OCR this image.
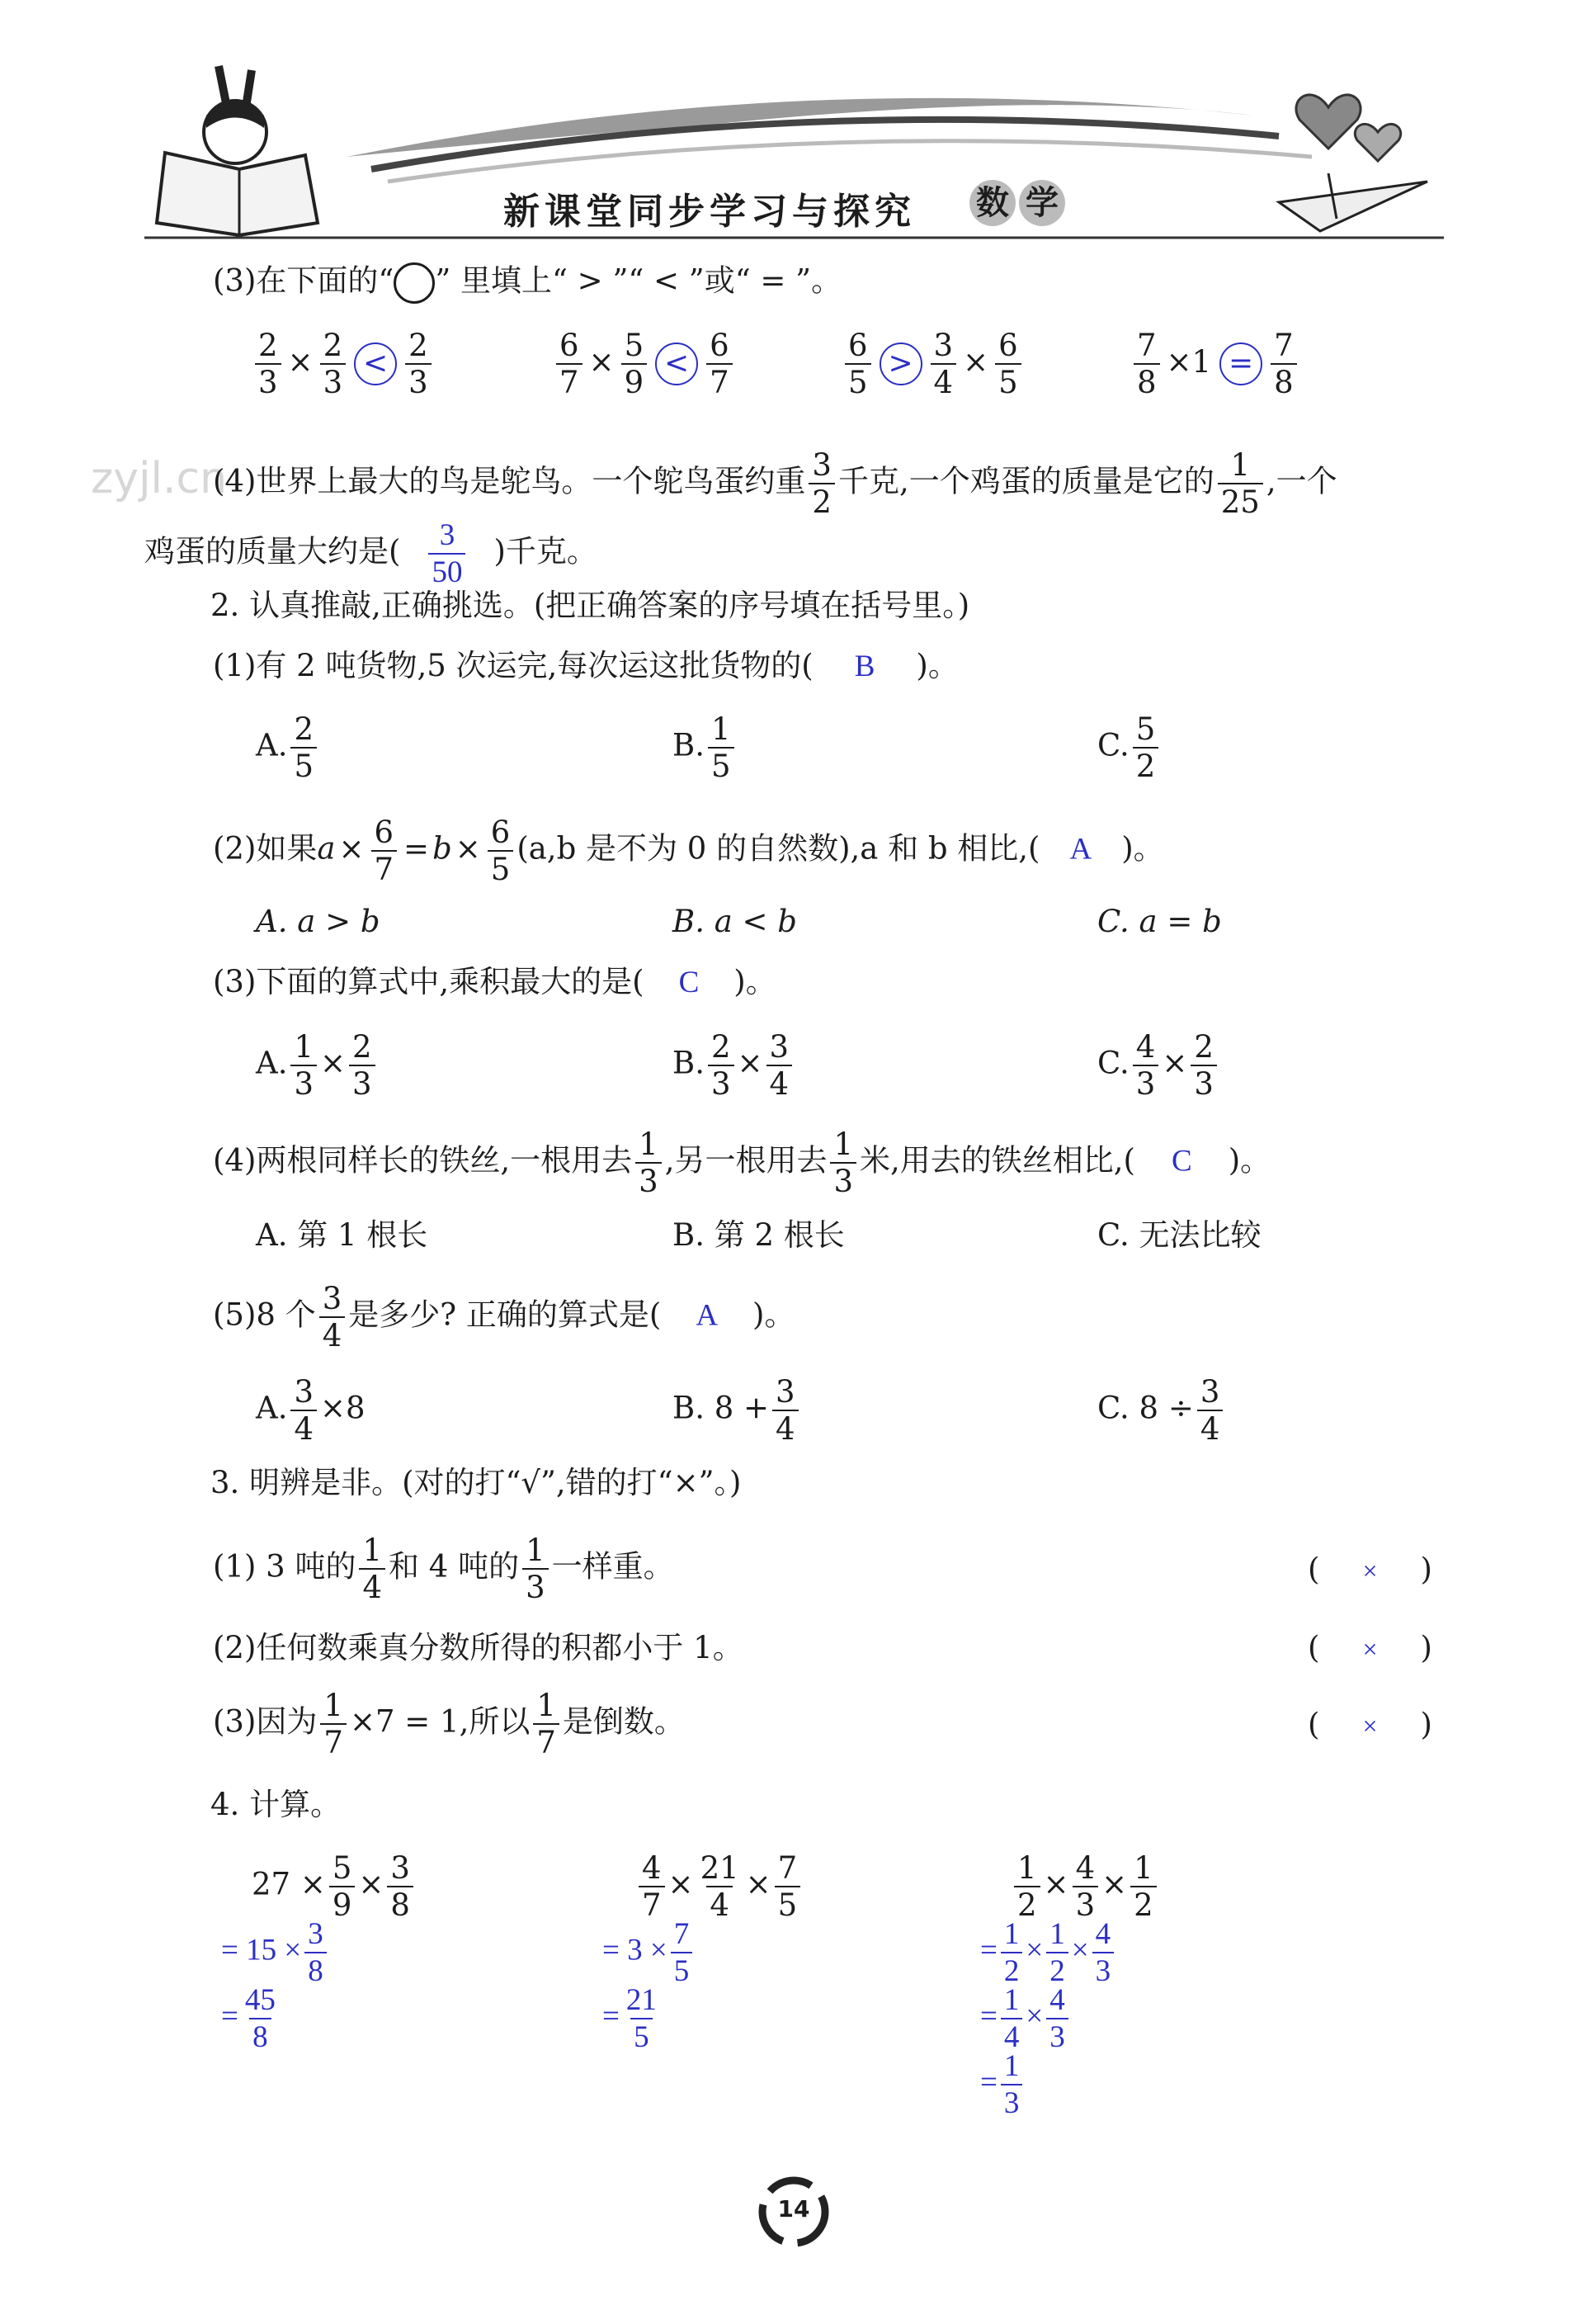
新课堂同步学习与探究 数 学
zyjl.cn
(3)在下面的“ ” 里填上“ > ”“ < ”或“ = ”。
$\frac{2}{3} \times \frac{2}{3} < \frac{2}{3}$	$\frac{6}{7} \times \frac{5}{9} < \frac{6}{7}$	$\frac{6}{5} > \frac{3}{4} \times \frac{6}{5}$	$\frac{7}{8} \times 1 = \frac{7}{8}$
(4)世界上最大的鸟是鸵鸟。一个鸵鸟蛋约重 $\frac{3}{2}$ 千克,一个鸡蛋的质量是它的 $\frac{1}{25}$ ,一个
鸡蛋的质量大约是( $\frac{3}{50}$ )千克。
2. 认真推敲,正确挑选。(把正确答案的序号填在括号里。)
(1)有 2 吨货物,5 次运完,每次运这批货物的( B )。
A. $\frac{2}{5}$	B. $\frac{1}{5}$	C. $\frac{5}{2}$
(2)如果$a \times \frac{6}{7} = b \times \frac{6}{5} (a,b$ 是不为 0 的自然数),a 和 b 相比,( A )。
A. a > b	B. a < b	C. a = b
(3)下面的算式中,乘积最大的是( C )。
A. $\frac{1}{3} \times \frac{2}{3}$	B. $\frac{2}{3} \times \frac{3}{4}$	C. $\frac{4}{3} \times \frac{2}{3}$
(4)两根同样长的铁丝,一根用去 $\frac{1}{3}$ ,另一根用去 $\frac{1}{3}$ 米,用去的铁丝相比,( C )。
A. 第 1 根长	B. 第 2 根长	C. 无法比较
(5)8 个 $\frac{3}{4}$ 是多少? 正确的算式是( A )。
A. $\frac{3}{4} \times 8$	B. $8 + \frac{3}{4}$	C. $8 \div \frac{3}{4}$
3. 明辨是非。(对的打“√”,错的打“×”。)
(1) 3 吨的 $\frac{1}{4}$ 和 4 吨的 $\frac{1}{3}$ 一样重。	( × )
(2)任何数乘真分数所得的积都小于 1。	( × )
(3)因为 $\frac{1}{7} \times 7 = 1$,所以 $\frac{1}{7}$ 是倒数。	( × )
4. 计算。
$27 \times \frac{5}{9} \times \frac{3}{8}$
= $15 \times \frac{3}{8}$
= $\frac{45}{8}$
$\frac{4}{7} \times \frac{21}{4} \times \frac{7}{5}$
= $3 \times \frac{7}{5}$
= $\frac{21}{5}$
$\frac{1}{2} \times \frac{4}{3} \times \frac{1}{2}$
= $\frac{1}{2} \times \frac{1}{2} \times \frac{4}{3}$
= $\frac{1}{4} \times \frac{4}{3}$
= $\frac{1}{3}$
14
